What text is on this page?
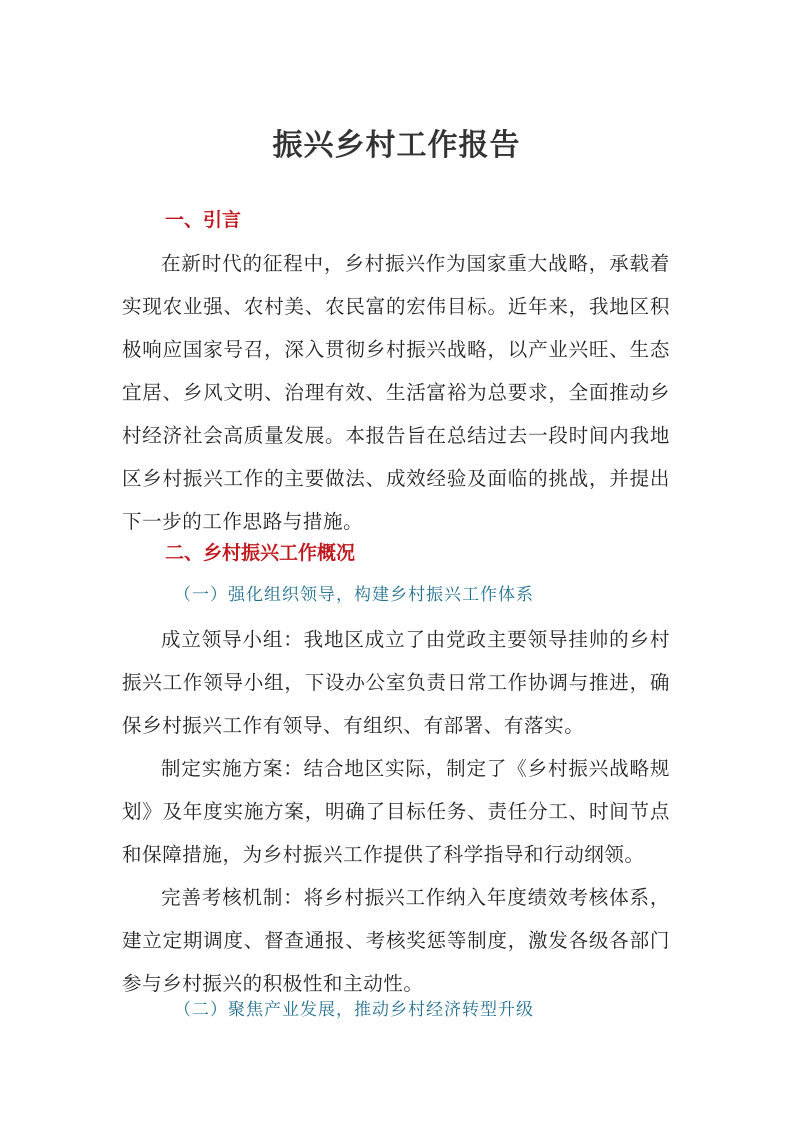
振兴乡村工作报告
一、引言

在新时代的征程中，乡村振兴作为国家重大战略，承载着实现农业强、农村美、农民富的宏伟目标。近年来，我地区积极响应国家号召，深入贯彻乡村振兴战略，以产业兴旺、生态宜居、乡风文明、治理有效、生活富裕为总要求，全面推动乡村经济社会高质量发展。本报告旨在总结过去一段时间内我地区乡村振兴工作的主要做法、成效经验及面临的挑战，并提出下一步的工作思路与措施。

二、乡村振兴工作概况
（一）强化组织领导，构建乡村振兴工作体系

成立领导小组：我地区成立了由党政主要领导挂帅的乡村振兴工作领导小组，下设办公室负责日常工作协调与推进，确保乡村振兴工作有领导、有组织、有部署、有落实。

制定实施方案：结合地区实际，制定了《乡村振兴战略规划》及年度实施方案，明确了目标任务、责任分工、时间节点和保障措施，为乡村振兴工作提供了科学指导和行动纲领。

完善考核机制：将乡村振兴工作纳入年度绩效考核体系，建立定期调度、督查通报、考核奖惩等制度，激发各级各部门参与乡村振兴的积极性和主动性。

（二）聚焦产业发展，推动乡村经济转型升级
